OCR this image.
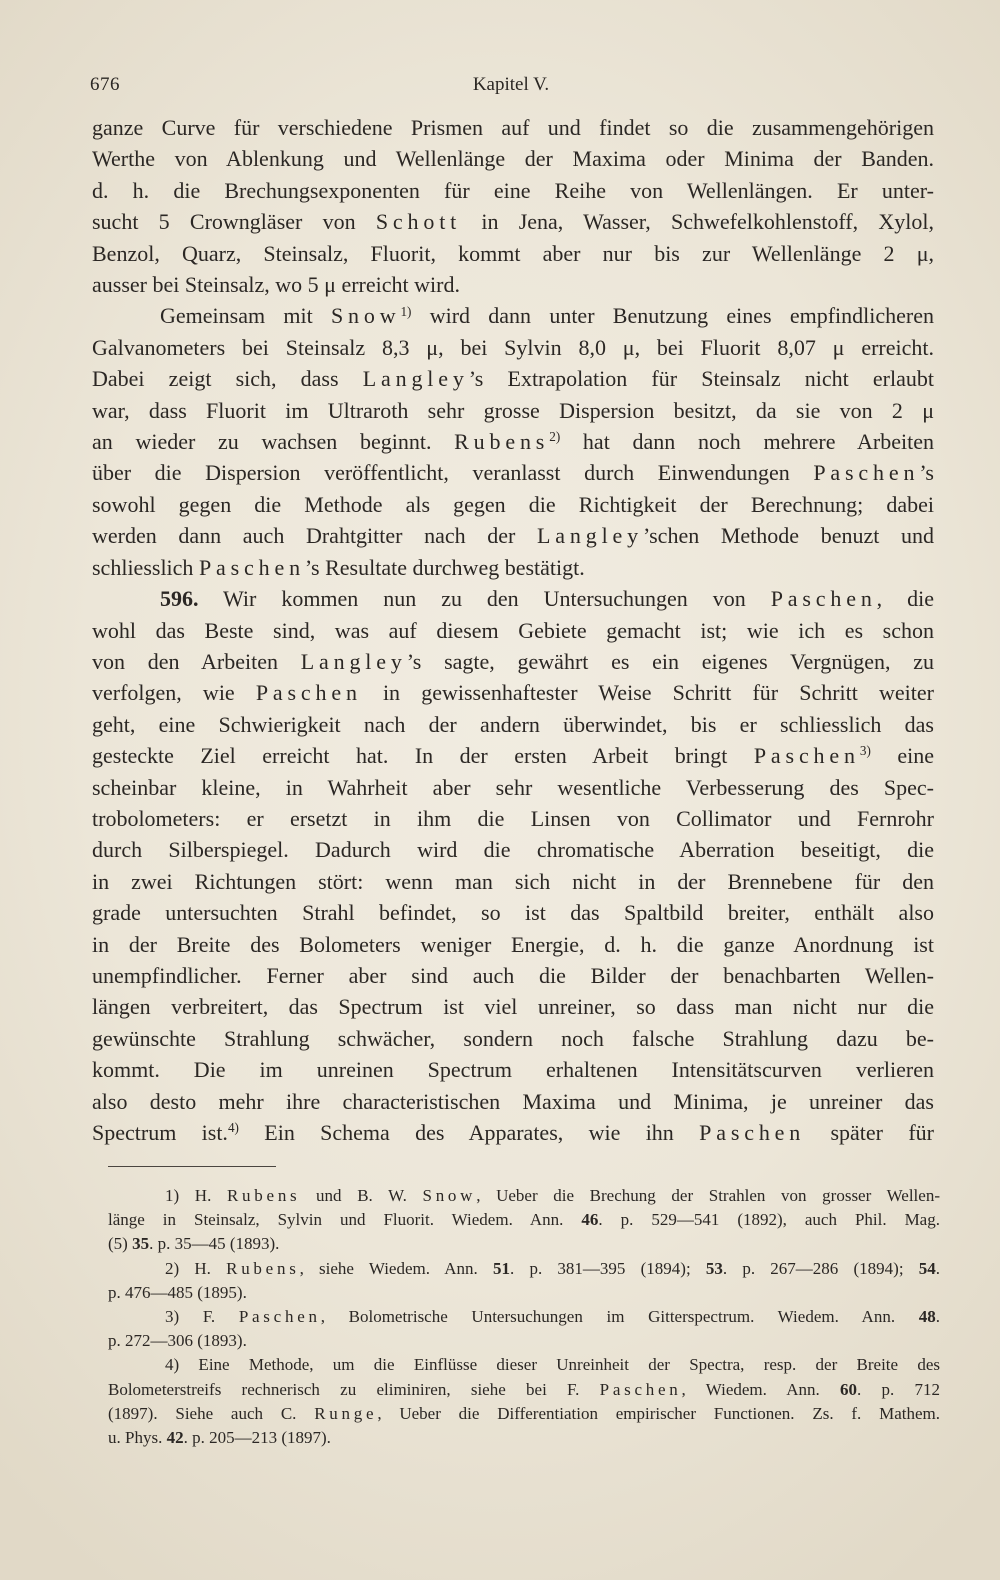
Kapitel V.
676
ganze Curve für verschiedene Prismen auf und findet so die zusammengehörigen
Werthe von Ablenkung und Wellenlänge der Maxima oder Minima der Banden.
d. h. die Brechungsexponenten für eine Reihe von Wellenlängen. Er unter-
sucht 5 Crowngläser von Schott in Jena, Wasser, Schwefelkohlenstoff, Xylol,
Benzol, Quarz, Steinsalz, Fluorit, kommt aber nur bis zur Wellenlänge 2 μ,
ausser bei Steinsalz, wo 5 μ erreicht wird.
Gemeinsam mit Snow$^{1)}$ wird dann unter Benutzung eines empfindlicheren
Galvanometers bei Steinsalz 8,3 μ, bei Sylvin 8,0 μ, bei Fluorit 8,07 μ erreicht.
Dabei zeigt sich, dass Langley’s Extrapolation für Steinsalz nicht erlaubt
war, dass Fluorit im Ultraroth sehr grosse Dispersion besitzt, da sie von 2 μ
an wieder zu wachsen beginnt. Rubens$^{2)}$ hat dann noch mehrere Arbeiten
über die Dispersion veröffentlicht, veranlasst durch Einwendungen Paschen’s
sowohl gegen die Methode als gegen die Richtigkeit der Berechnung; dabei
werden dann auch Drahtgitter nach der Langley’schen Methode benuzt und
schliesslich Paschen’s Resultate durchweg bestätigt.
596. Wir kommen nun zu den Untersuchungen von Paschen, die
wohl das Beste sind, was auf diesem Gebiete gemacht ist; wie ich es schon
von den Arbeiten Langley’s sagte, gewährt es ein eigenes Vergnügen, zu
verfolgen, wie Paschen in gewissenhaftester Weise Schritt für Schritt weiter
geht, eine Schwierigkeit nach der andern überwindet, bis er schliesslich das
gesteckte Ziel erreicht hat. In der ersten Arbeit bringt Paschen$^{3)}$ eine
scheinbar kleine, in Wahrheit aber sehr wesentliche Verbesserung des Spec-
trobolometers: er ersetzt in ihm die Linsen von Collimator und Fernrohr
durch Silberspiegel. Dadurch wird die chromatische Aberration beseitigt, die
in zwei Richtungen stört: wenn man sich nicht in der Brennebene für den
grade untersuchten Strahl befindet, so ist das Spaltbild breiter, enthält also
in der Breite des Bolometers weniger Energie, d. h. die ganze Anordnung ist
unempfindlicher. Ferner aber sind auch die Bilder der benachbarten Wellen-
längen verbreitert, das Spectrum ist viel unreiner, so dass man nicht nur die
gewünschte Strahlung schwächer, sondern noch falsche Strahlung dazu be-
kommt. Die im unreinen Spectrum erhaltenen Intensitätscurven verlieren
also desto mehr ihre characteristischen Maxima und Minima, je unreiner das
Spectrum ist.$^{4)}$ Ein Schema des Apparates, wie ihn Paschen später für
1) H. Rubens und B. W. Snow, Ueber die Brechung der Strahlen von grosser Wellen-
länge in Steinsalz, Sylvin und Fluorit. Wiedem. Ann. 46. p. 529—541 (1892), auch Phil. Mag.
(5) 35. p. 35—45 (1893).
2) H. Rubens, siehe Wiedem. Ann. 51. p. 381—395 (1894); 53. p. 267—286 (1894); 54.
p. 476—485 (1895).
3) F. Paschen, Bolometrische Untersuchungen im Gitterspectrum. Wiedem. Ann. 48.
p. 272—306 (1893).
4) Eine Methode, um die Einflüsse dieser Unreinheit der Spectra, resp. der Breite des
Bolometerstreifs rechnerisch zu eliminiren, siehe bei F. Paschen, Wiedem. Ann. 60. p. 712
(1897). Siehe auch C. Runge, Ueber die Differentiation empirischer Functionen. Zs. f. Mathem.
u. Phys. 42. p. 205—213 (1897).
